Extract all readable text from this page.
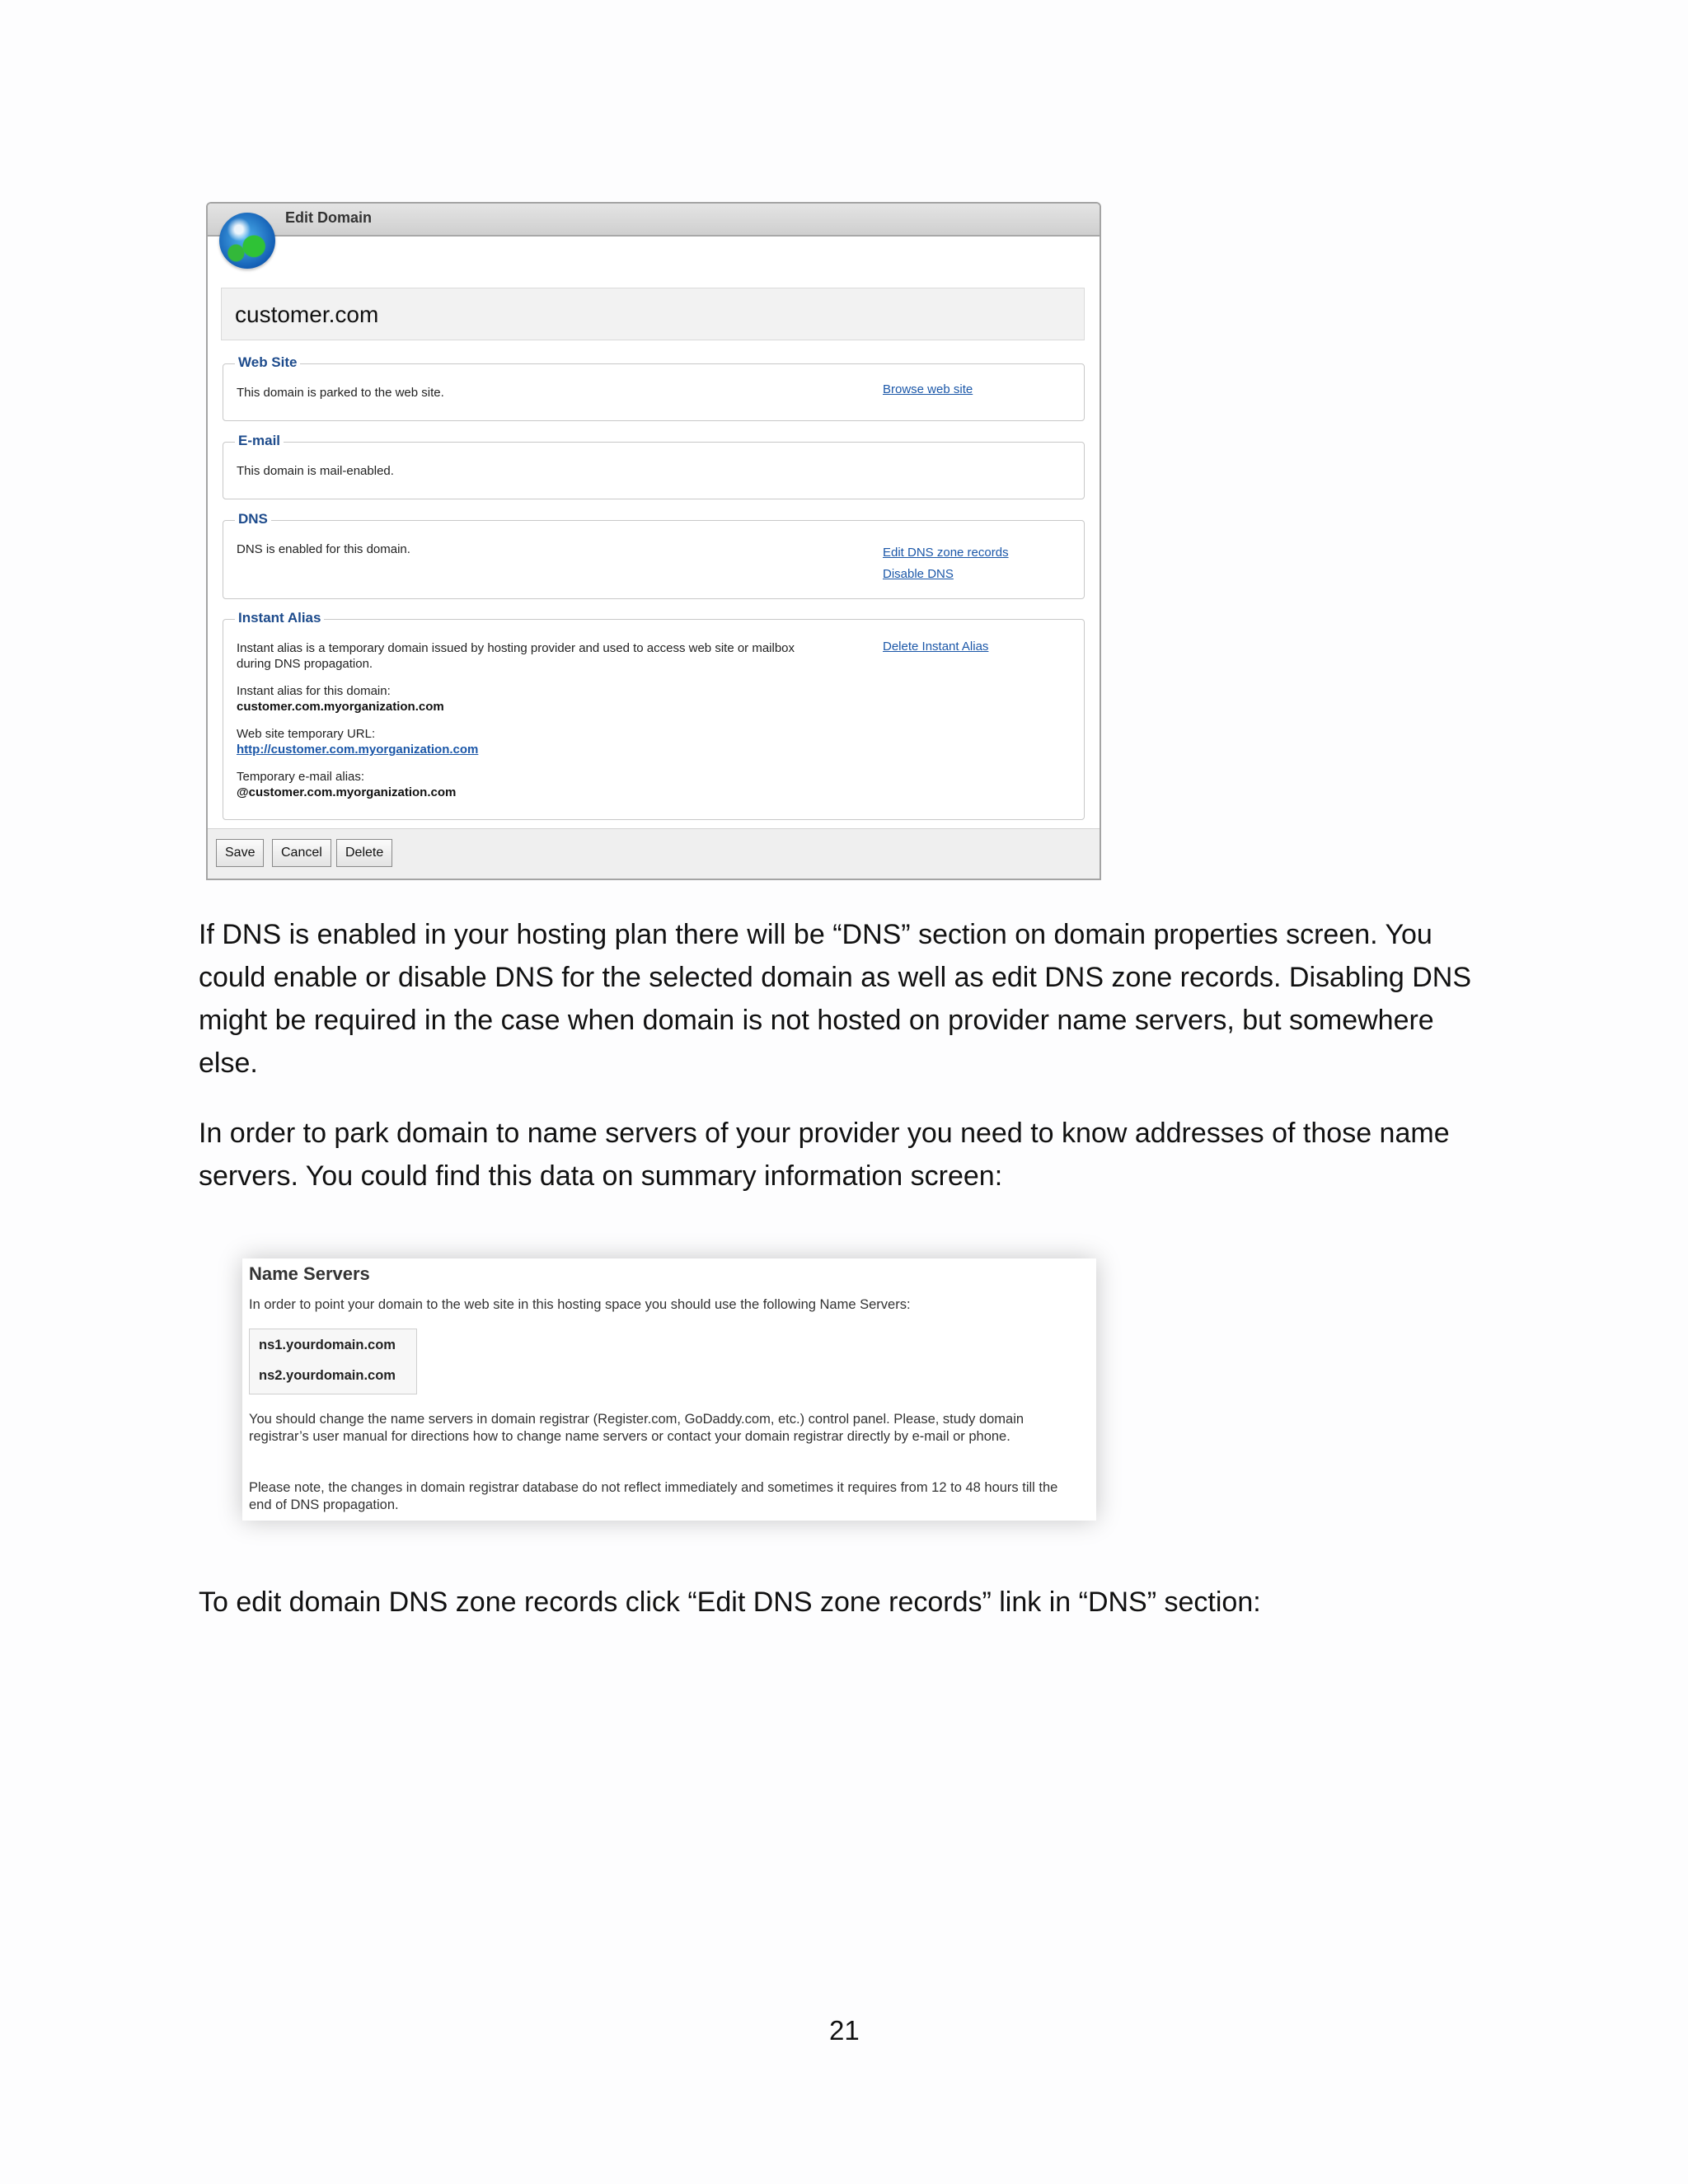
Edit Domain
customer.com
Web Site
This domain is parked to the web site.	Browse web site
E-mail
This domain is mail-enabled.
DNS
DNS is enabled for this domain.	Edit DNS zone records
Disable DNS
Instant Alias
Instant alias is a temporary domain issued by hosting provider and used to access web site or mailbox
during DNS propagation.
Delete Instant Alias
Instant alias for this domain:
customer.com.myorganization.com
Web site temporary URL:
http://customer.com.myorganization.com
Temporary e-mail alias:
@customer.com.myorganization.com
Save	Cancel	Delete

If DNS is enabled in your hosting plan there will be “DNS” section on domain properties screen. You could enable or disable DNS for the selected domain as well as edit DNS zone records. Disabling DNS might be required in the case when domain is not hosted on provider name servers, but somewhere else.

In order to park domain to name servers of your provider you need to know addresses of those name servers. You could find this data on summary information screen:

Name Servers
In order to point your domain to the web site in this hosting space you should use the following Name Servers:
ns1.yourdomain.com
ns2.yourdomain.com
You should change the name servers in domain registrar (Register.com, GoDaddy.com, etc.) control panel. Please, study domain registrar’s user manual for directions how to change name servers or contact your domain registrar directly by e-mail or phone.
Please note, the changes in domain registrar database do not reflect immediately and sometimes it requires from 12 to 48 hours till the end of DNS propagation.

To edit domain DNS zone records click “Edit DNS zone records” link in “DNS” section:

21
